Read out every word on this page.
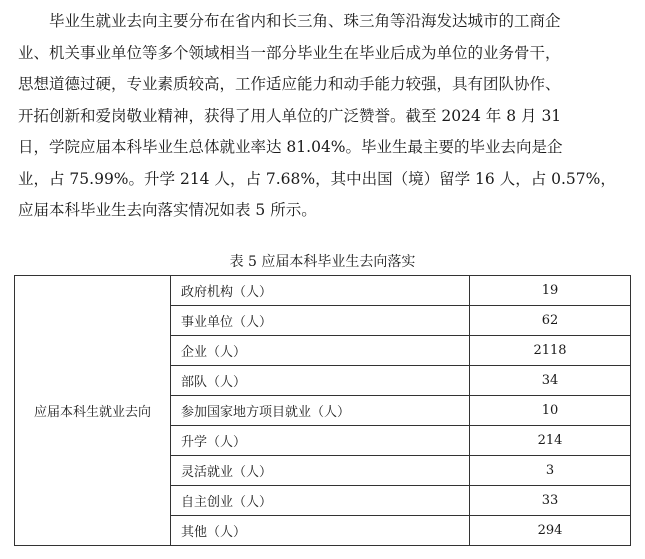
毕业生就业去向主要分布在省内和长三角、珠三角等沿海发达城市的工商企
业、机关事业单位等多个领域相当一部分毕业生在毕业后成为单位的业务骨干，
思想道德过硬，专业素质较高，工作适应能力和动手能力较强，具有团队协作、
开拓创新和爱岗敬业精神，获得了用人单位的广泛赞誉。截至 2024 年 8 月 31
日，学院应届本科毕业生总体就业率达 81.04%。毕业生最主要的毕业去向是企
业，占 75.99%。升学 214 人，占 7.68%，其中出国（境）留学 16 人，占 0.57%，
应届本科毕业生去向落实情况如表 5 所示。
表 5 应届本科毕业生去向落实
应届本科生就业去向	政府机构（人）	19
	事业单位（人）	62
	企业（人）	2118
	部队（人）	34
	参加国家地方项目就业（人）	10
	升学（人）	214
	灵活就业（人）	3
	自主创业（人）	33
	其他（人）	294
